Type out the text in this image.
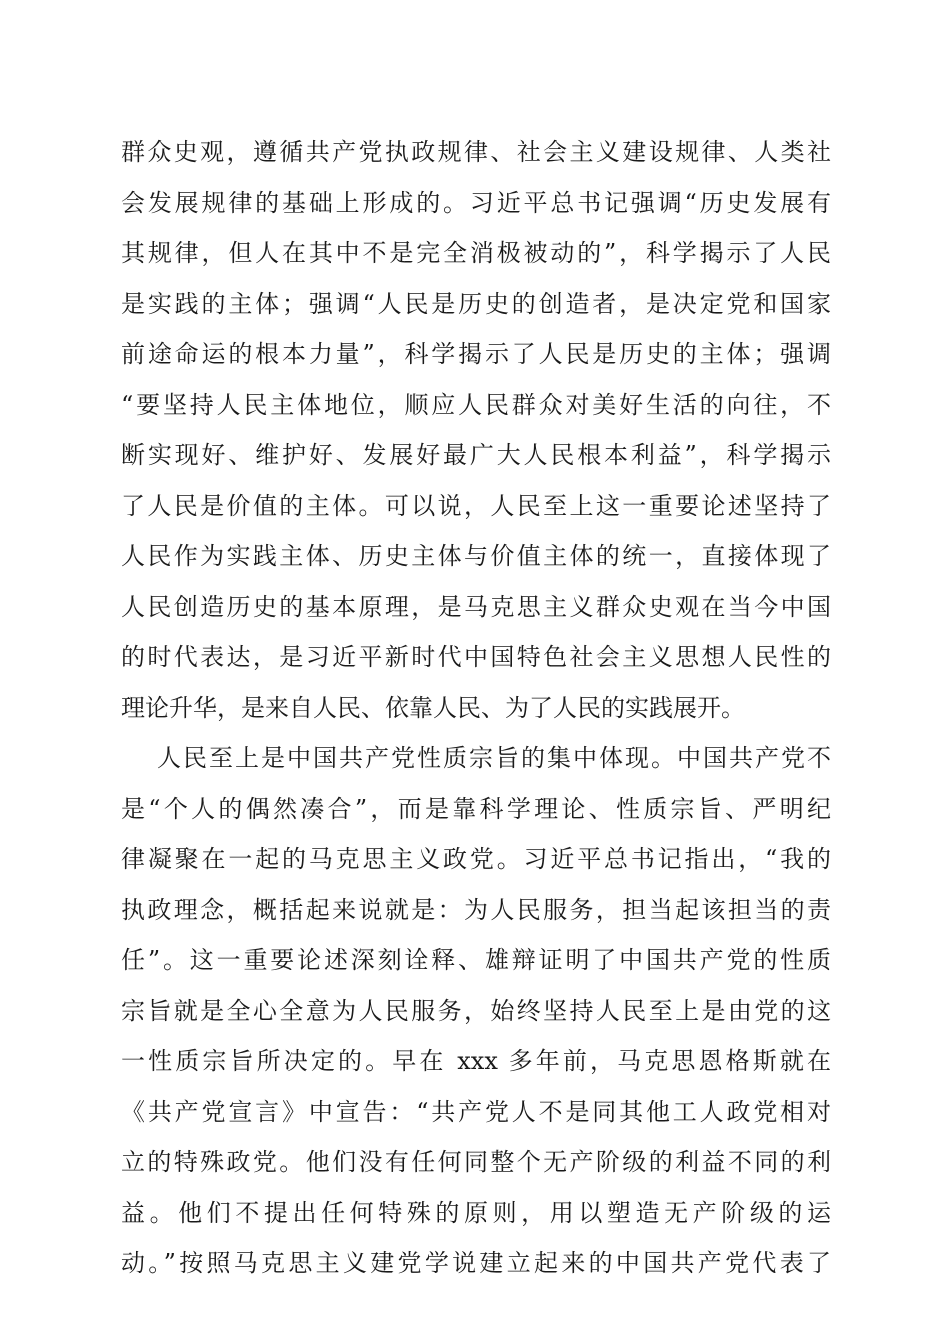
群众史观，遵循共产党执政规律、社会主义建设规律、人类社
会发展规律的基础上形成的。习近平总书记强调“历史发展有
其规律，但人在其中不是完全消极被动的”，科学揭示了人民
是实践的主体；强调“人民是历史的创造者，是决定党和国家
前途命运的根本力量”，科学揭示了人民是历史的主体；强调
“要坚持人民主体地位，顺应人民群众对美好生活的向往，不
断实现好、维护好、发展好最广大人民根本利益”，科学揭示
了人民是价值的主体。可以说，人民至上这一重要论述坚持了
人民作为实践主体、历史主体与价值主体的统一，直接体现了
人民创造历史的基本原理，是马克思主义群众史观在当今中国
的时代表达，是习近平新时代中国特色社会主义思想人民性的
理论升华，是来自人民、依靠人民、为了人民的实践展开。
人民至上是中国共产党性质宗旨的集中体现。中国共产党不
是“个人的偶然凑合”，而是靠科学理论、性质宗旨、严明纪
律凝聚在一起的马克思主义政党。习近平总书记指出，“我的
执政理念，概括起来说就是：为人民服务，担当起该担当的责
任”。这一重要论述深刻诠释、雄辩证明了中国共产党的性质
宗旨就是全心全意为人民服务，始终坚持人民至上是由党的这
一性质宗旨所决定的。早在 xxx 多年前，马克思恩格斯就在
《共产党宣言》中宣告：“共产党人不是同其他工人政党相对
立的特殊政党。他们没有任何同整个无产阶级的利益不同的利
益。他们不提出任何特殊的原则，用以塑造无产阶级的运
动。”按照马克思主义建党学说建立起来的中国共产党代表了
